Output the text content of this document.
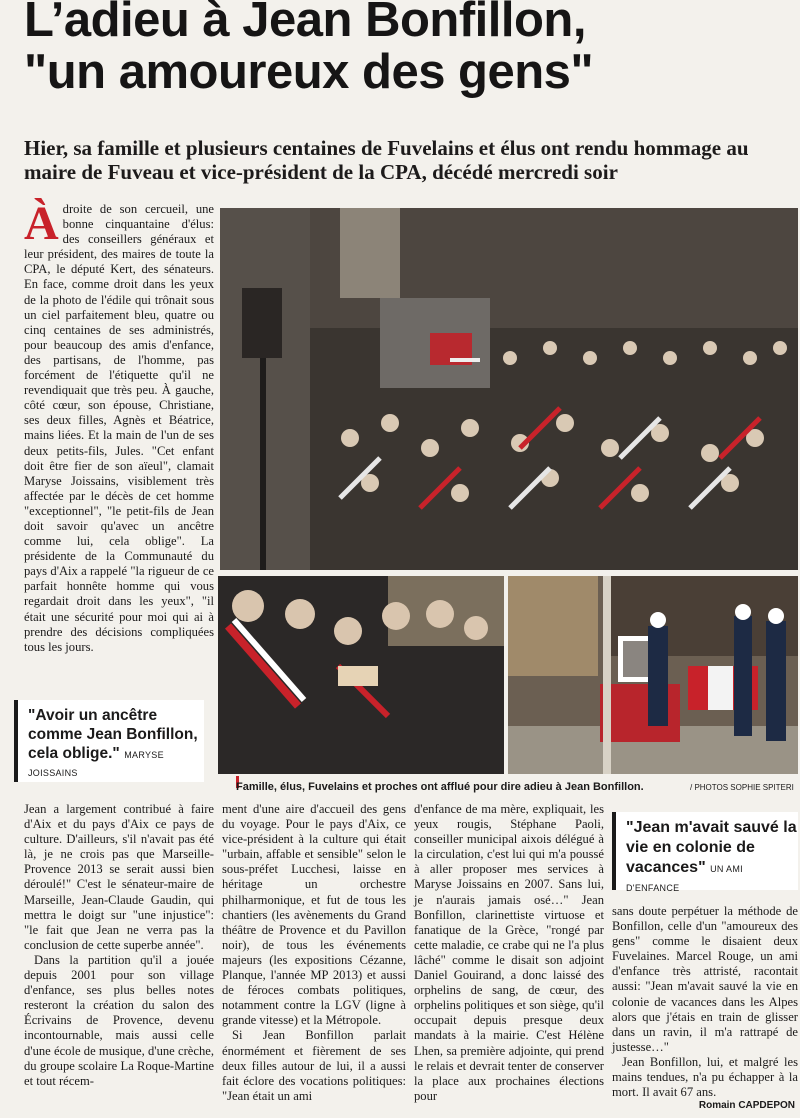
L’adieu à Jean Bonfillon,
"un amoureux des gens"
Hier, sa famille et plusieurs centaines de Fuvelains et élus ont rendu hommage au maire de Fuveau et vice-président de la CPA, décédé mercredi soir
À droite de son cercueil, une bonne cinquantaine d'élus: des conseillers généraux et leur président, des maires de toute la CPA, le député Kert, des sénateurs. En face, comme droit dans les yeux de la photo de l'édile qui trônait sous un ciel parfaitement bleu, quatre ou cinq centaines de ses administrés, pour beaucoup des amis d'enfance, des partisans, de l'homme, pas forcément de l'étiquette qu'il ne revendiquait que très peu. À gauche, côté cœur, son épouse, Christiane, ses deux filles, Agnès et Béatrice, mains liées. Et la main de l'un de ses deux petits-fils, Jules. "Cet enfant doit être fier de son aïeul", clamait Maryse Joissains, visiblement très affectée par le décès de cet homme "exceptionnel", "le petit-fils de Jean doit savoir qu'avec un ancêtre comme lui, cela oblige". La présidente de la Communauté du pays d'Aix a rappelé "la rigueur de ce parfait honnête homme qui vous regardait droit dans les yeux", "il était une sécurité pour moi qui ai à prendre des décisions compliquées tous les jours.

Famille, élus, Fuvelains et proches ont afflué pour dire adieu à Jean Bonfillon.	/ PHOTOS SOPHIE SPITERI
"Avoir un ancêtre comme Jean Bonfillon, cela oblige." MARYSE JOISSAINS

Jean a largement contribué à faire d'Aix et du pays d'Aix ce pays de culture. D'ailleurs, s'il n'avait pas été là, je ne crois pas que Marseille-Provence 2013 se serait aussi bien déroulé!" C'est le sénateur-maire de Marseille, Jean-Claude Gaudin, qui mettra le doigt sur "une injustice": "le fait que Jean ne verra pas la conclusion de cette superbe année".

Dans la partition qu'il a jouée depuis 2001 pour son village d'enfance, ses plus belles notes resteront la création du salon des Écrivains de Provence, devenu incontournable, mais aussi celle d'une école de musique, d'une crèche, du groupe scolaire La Roque-Martine et tout récem-

ment d'une aire d'accueil des gens du voyage. Pour le pays d'Aix, ce vice-président à la culture qui était "urbain, affable et sensible" selon le sous-préfet Lucchesi, laisse en héritage un orchestre philharmonique, et fut de tous les chantiers (les avènements du Grand théâtre de Provence et du Pavillon noir), de tous les événements majeurs (les expositions Cézanne, Planque, l'année MP 2013) et aussi de féroces combats politiques, notamment contre la LGV (ligne à grande vitesse) et la Métropole.

Si Jean Bonfillon parlait énormément et fièrement de ses deux filles autour de lui, il a aussi fait éclore des vocations politiques: "Jean était un ami

d'enfance de ma mère, expliquait, les yeux rougis, Stéphane Paoli, conseiller municipal aixois délégué à la circulation, c'est lui qui m'a poussé à aller proposer mes services à Maryse Joissains en 2007. Sans lui, je n'aurais jamais osé…" Jean Bonfillon, clarinettiste virtuose et fanatique de la Grèce, "rongé par cette maladie, ce crabe qui ne l'a plus lâché" comme le disait son adjoint Daniel Gouirand, a donc laissé des orphelins de sang, de cœur, des orphelins politiques et son siège, qu'il occupait depuis presque deux mandats à la mairie. C'est Hélène Lhen, sa première adjointe, qui prend le relais et devrait tenter de conserver la place aux prochaines élections pour

"Jean m'avait sauvé la vie en colonie de vacances" UN AMI D'ENFANCE

sans doute perpétuer la méthode de Bonfillon, celle d'un "amoureux des gens" comme le disaient deux Fuvelaines. Marcel Rouge, un ami d'enfance très attristé, racontait aussi: "Jean m'avait sauvé la vie en colonie de vacances dans les Alpes alors que j'étais en train de glisser dans un ravin, il m'a rattrapé de justesse…"

Jean Bonfillon, lui, et malgré les mains tendues, n'a pu échapper à la mort. Il avait 67 ans.

Romain CAPDEPON
